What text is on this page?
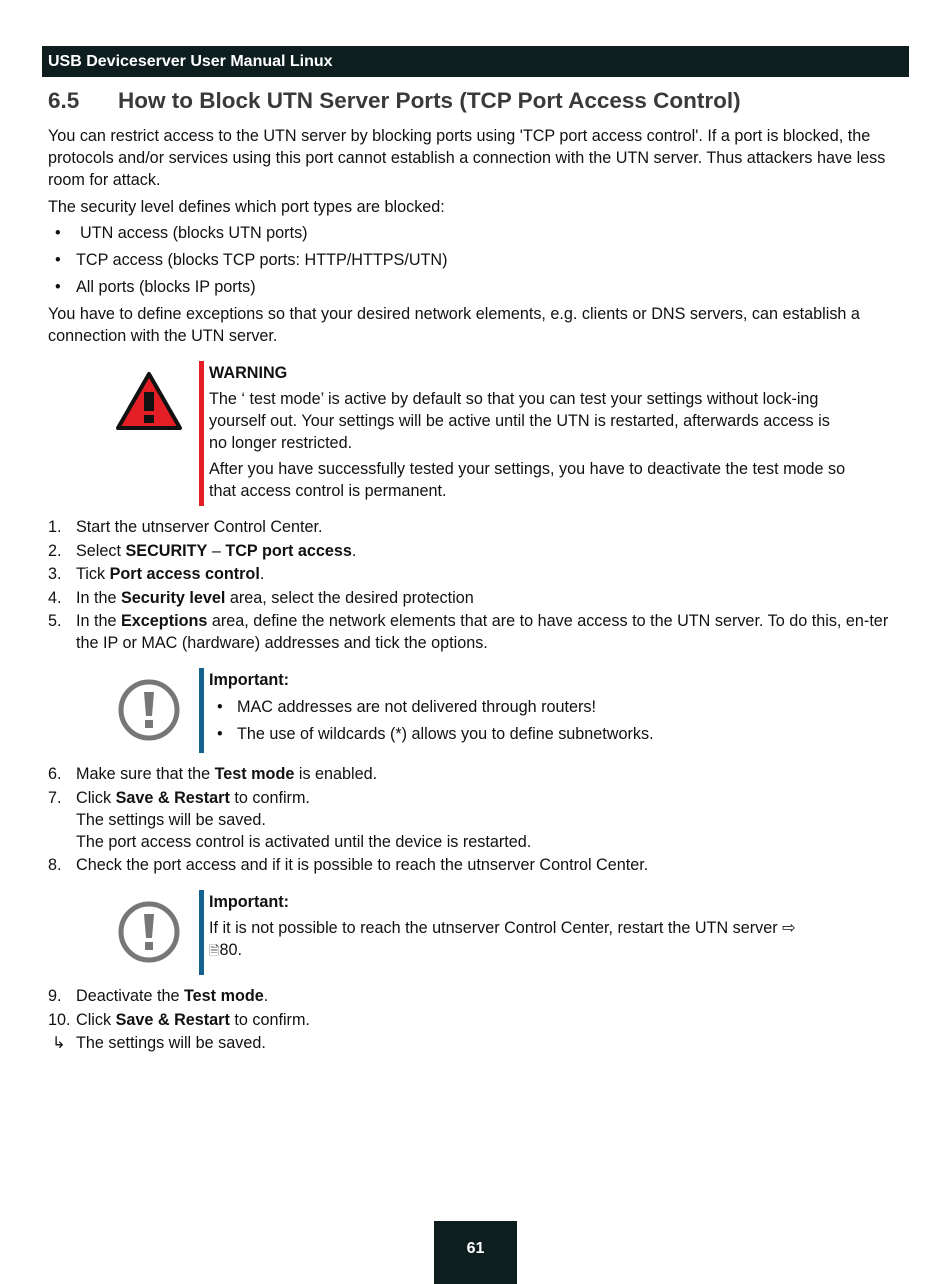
USB Deviceserver User Manual Linux
6.5 How to Block UTN Server Ports (TCP Port Access Control)

You can restrict access to the UTN server by blocking ports using 'TCP port access control'. If a port is blocked, the protocols and/or services using this port cannot establish a connection with the UTN server. Thus attackers have less room for attack.

The security level defines which port types are blocked:

• UTN access (blocks UTN ports)
• TCP access (blocks TCP ports: HTTP/HTTPS/UTN)
• All ports (blocks IP ports)

You have to define exceptions so that your desired network elements, e.g. clients or DNS servers, can establish a connection with the UTN server.

WARNING
The ‘ test mode’ is active by default so that you can test your settings without lock-ing yourself out. Your settings will be active until the UTN is restarted, afterwards access is no longer restricted.
After you have successfully tested your settings, you have to deactivate the test mode so that access control is permanent.
1. Start the utnserver Control Center.
2. Select SECURITY – TCP port access.
3. Tick Port access control.
4. In the Security level area, select the desired protection
5. In the Exceptions area, define the network elements that are to have access to the UTN server. To do this, en-ter the IP or MAC (hardware) addresses and tick the options.
Important:
• MAC addresses are not delivered through routers!
• The use of wildcards (*) allows you to define subnetworks.
6. Make sure that the Test mode is enabled.
7. Click Save & Restart to confirm.
The settings will be saved.
The port access control is activated until the device is restarted.
8. Check the port access and if it is possible to reach the utnserver Control Center.
Important:
If it is not possible to reach the utnserver Control Center, restart the UTN server ⇨
🗎80.
9. Deactivate the Test mode.
10. Click Save & Restart to confirm.
↳ The settings will be saved.
61
